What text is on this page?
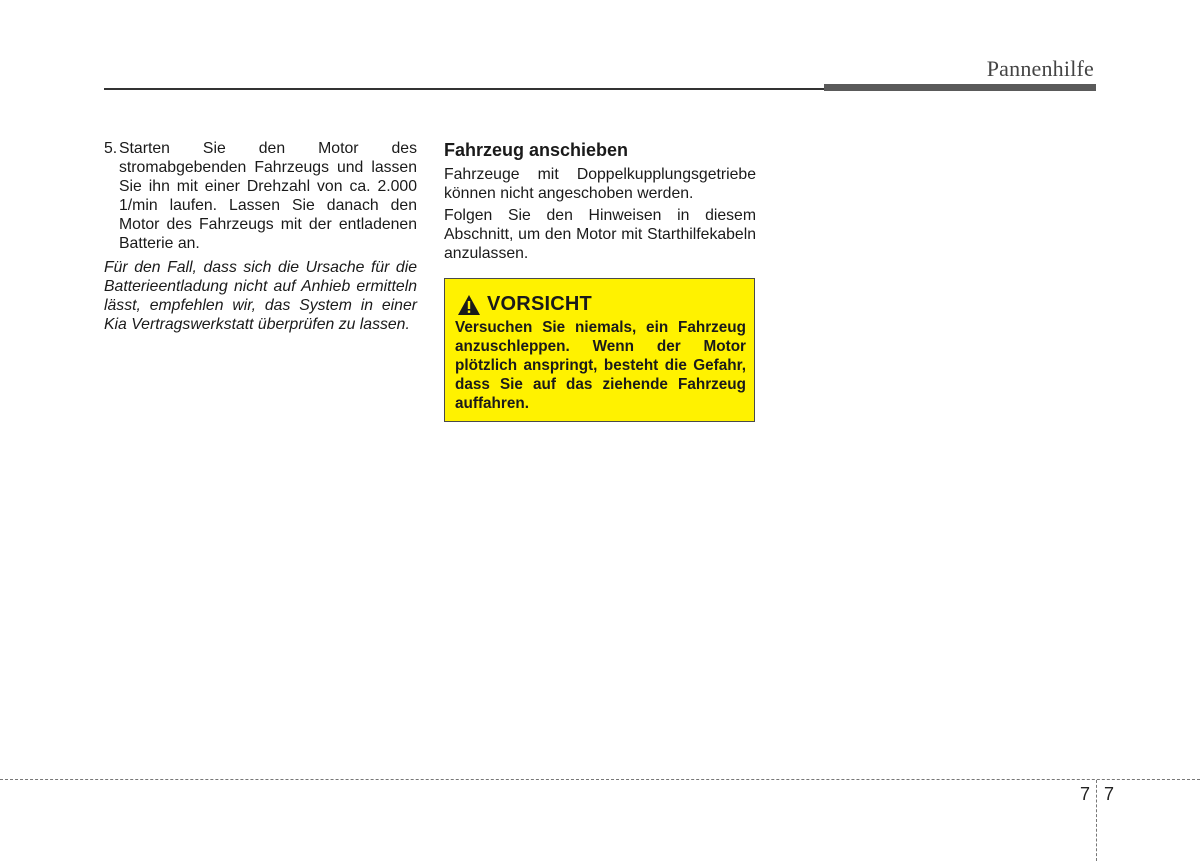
Pannenhilfe
5. Starten Sie den Motor des stromabgebenden Fahrzeugs und lassen Sie ihn mit einer Drehzahl von ca. 2.000 1/min laufen. Lassen Sie danach den Motor des Fahrzeugs mit der entladenen Batterie an.
Für den Fall, dass sich die Ursache für die Batterieentladung nicht auf Anhieb ermitteln lässt, empfehlen wir, das System in einer Kia Vertragswerkstatt überprüfen zu lassen.
Fahrzeug anschieben

Fahrzeuge mit Doppelkupplungsgetriebe können nicht angeschoben werden.

Folgen Sie den Hinweisen in diesem Abschnitt, um den Motor mit Starthilfekabeln anzulassen.

VORSICHT
Versuchen Sie niemals, ein Fahrzeug anzuschleppen. Wenn der Motor plötzlich anspringt, besteht die Gefahr, dass Sie auf das ziehende Fahrzeug auffahren.
7 7
